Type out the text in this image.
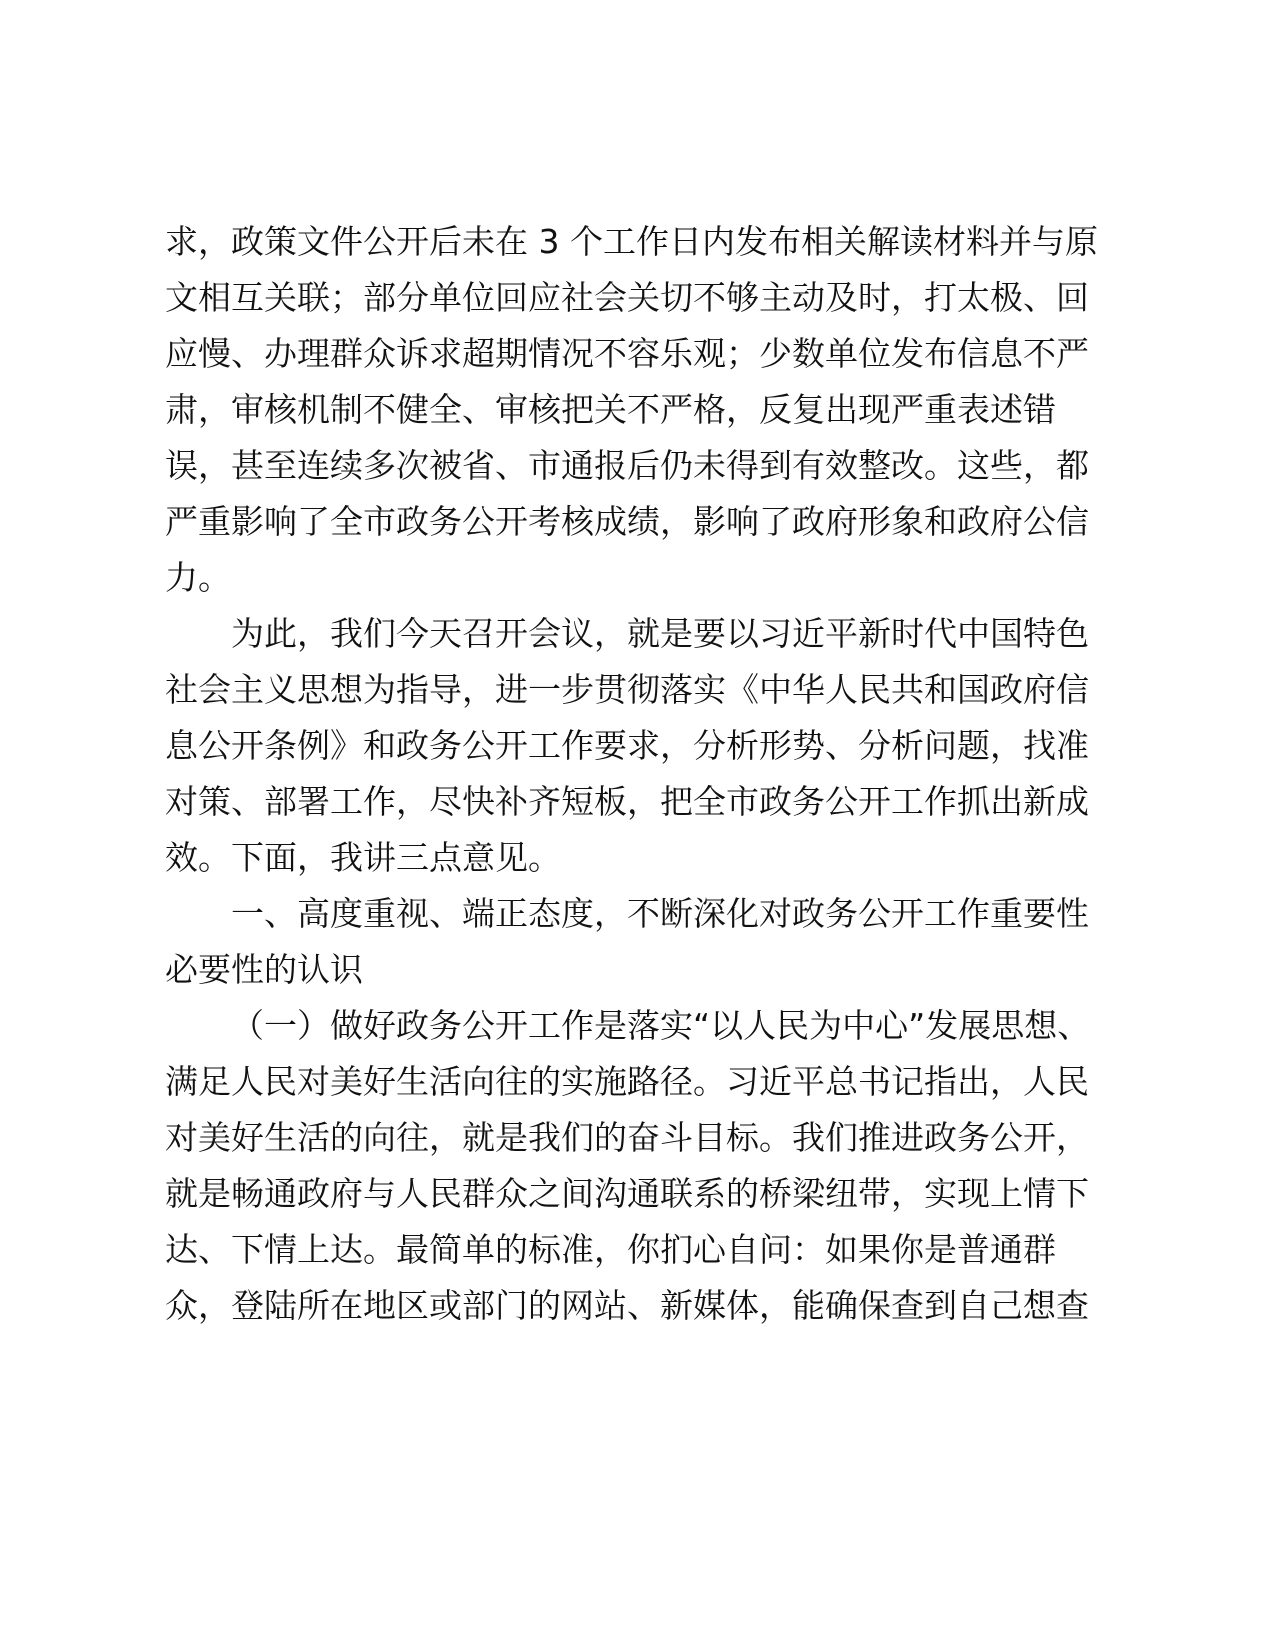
求，政策文件公开后未在 3 个工作日内发布相关解读材料并与原
文相互关联；部分单位回应社会关切不够主动及时，打太极、回
应慢、办理群众诉求超期情况不容乐观；少数单位发布信息不严
肃，审核机制不健全、审核把关不严格，反复出现严重表述错
误，甚至连续多次被省、市通报后仍未得到有效整改。这些，都
严重影响了全市政务公开考核成绩，影响了政府形象和政府公信
力。
为此，我们今天召开会议，就是要以习近平新时代中国特色
社会主义思想为指导，进一步贯彻落实《中华人民共和国政府信
息公开条例》和政务公开工作要求，分析形势、分析问题，找准
对策、部署工作，尽快补齐短板，把全市政务公开工作抓出新成
效。下面，我讲三点意见。
一、高度重视、端正态度，不断深化对政务公开工作重要性
必要性的认识
（一）做好政务公开工作是落实“以人民为中心”发展思想、
满足人民对美好生活向往的实施路径。习近平总书记指出，人民
对美好生活的向往，就是我们的奋斗目标。我们推进政务公开，
就是畅通政府与人民群众之间沟通联系的桥梁纽带，实现上情下
达、下情上达。最简单的标准，你扪心自问：如果你是普通群
众，登陆所在地区或部门的网站、新媒体，能确保查到自己想查
